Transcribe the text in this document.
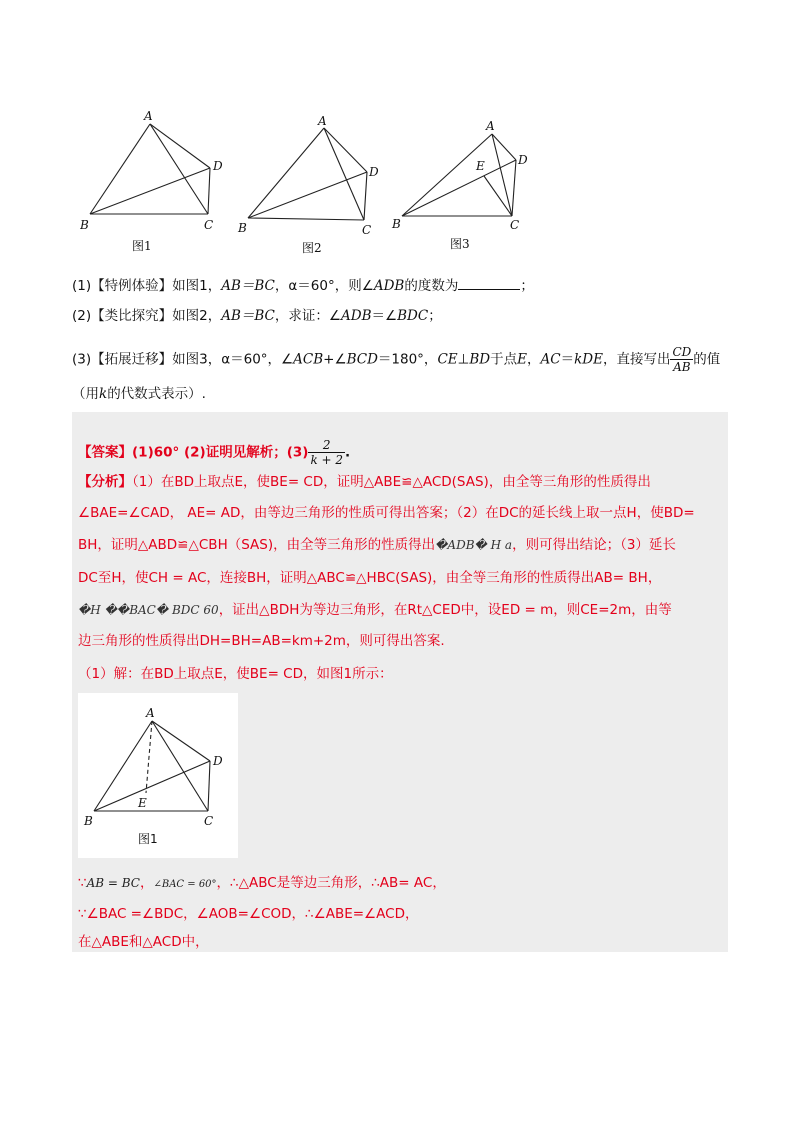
A
B	C
D
A
B	C
D
A
B	C
D
E
图1	图2	图3
(1)【特例体验】如图1，AB＝BC，α＝60°，则∠ADB的度数为	；
(2)【类比探究】如图2，AB＝BC，求证：∠ADB＝∠BDC；
(3)【拓展迁移】如图3，α＝60°，∠ACB+∠BCD＝180°，CE⊥BD于点E，AC＝kDE，直接写出 $\frac{CD}{AB}$ 的值
（用k的代数式表示）.
【答案】(1)60° (2)证明见解析；$(3) \frac{2}{k + 2}$ .
【分析】（1）在BD上取点E，使BE= CD，证明△ABE≌△ACD(SAS)，由全等三角形的性质得出
∠BAE=∠CAD， AE= AD，由等边三角形的性质可得出答案；（2）在DC的延长线上取一点H，使BD=
BH，证明△ABD≌△CBH（SAS)，由全等三角形的性质得出�ADB� H a，则可得出结论；（3）延长
DC至H，使CH = AC，连接BH，证明△ABC≌△HBC(SAS)，由全等三角形的性质得出AB= BH，
�H ��BAC� BDC 60，证出△BDH为等边三角形，在Rt△CED中，设ED = m，则CE=2m，由等
边三角形的性质得出DH=BH=AB=km+2m，则可得出答案.
（1）解：在BD上取点E，使BE= CD，如图1所示：
A
B	C
D
E
图1
∵AB = BC，∠BAC = 60°，∴△ABC是等边三角形，∴AB= AC，
∵∠BAC =∠BDC，∠AOB=∠COD，∴∠ABE=∠ACD，
在△ABE和△ACD中，
